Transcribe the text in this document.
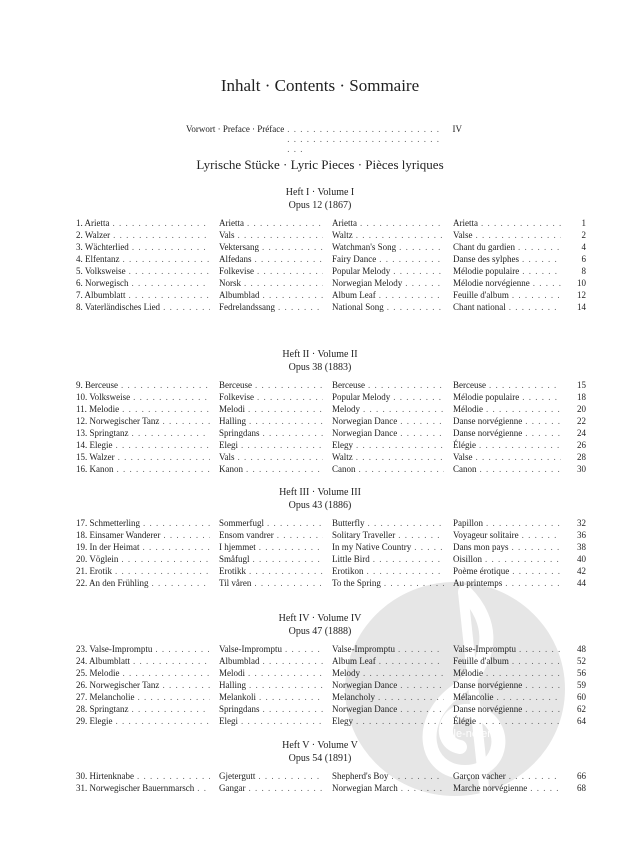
alle-noten
Inhalt · Contents · Sommaire
Vorwort · Preface · Préface . . .	IV
Lyrische Stücke · Lyric Pieces · Pièces lyriques
Heft I · Volume I
Opus 12 (1867)
1. Arietta . . .	Arietta . . .	Arietta . . .	Arietta . . .	1
2. Walzer . . .	Vals . . .	Waltz . . .	Valse . . .	2
3. Wächterlied . . .	Vektersang . . .	Watchman's Song . . .	Chant du gardien . . .	4
4. Elfentanz . . .	Alfedans . . .	Fairy Dance . . .	Danse des sylphes . . .	6
5. Volksweise . . .	Folkevise . . .	Popular Melody . . .	Mélodie populaire . . .	8
6. Norwegisch . . .	Norsk . . .	Norwegian Melody . . .	Mélodie norvégienne . . .	10
7. Albumblatt . . .	Albumblad . . .	Album Leaf . . .	Feuille d'album . . .	12
8. Vaterländisches Lied . . .	Fedrelandssang . . .	National Song . . .	Chant national . . .	14
Heft II · Volume II
Opus 38 (1883)
9. Berceuse . . .	Berceuse . . .	Berceuse . . .	Berceuse . . .	15
10. Volksweise . . .	Folkevise . . .	Popular Melody . . .	Mélodie populaire . . .	18
11. Melodie . . .	Melodi . . .	Melody . . .	Mélodie . . .	20
12. Norwegischer Tanz . . .	Halling . . .	Norwegian Dance . . .	Danse norvégienne . . .	22
13. Springtanz . . .	Springdans . . .	Norwegian Dance . . .	Danse norvégienne . . .	24
14. Elegie . . .	Elegi . . .	Elegy . . .	Élégie . . .	26
15. Walzer . . .	Vals . . .	Waltz . . .	Valse . . .	28
16. Kanon . . .	Kanon . . .	Canon . . .	Canon . . .	30
Heft III · Volume III
Opus 43 (1886)
17. Schmetterling . . .	Sommerfugl . . .	Butterfly . . .	Papillon . . .	32
18. Einsamer Wanderer . . .	Ensom vandrer . . .	Solitary Traveller . . .	Voyageur solitaire . . .	36
19. In der Heimat . . .	I hjemmet . . .	In my Native Country . . .	Dans mon pays . . .	38
20. Vöglein . . .	Småfugl . . .	Little Bird . . .	Oisillon . . .	40
21. Erotik . . .	Erotikk . . .	Erotikon . . .	Poème érotique . . .	42
22. An den Frühling . . .	Til våren . . .	To the Spring . . .	Au printemps . . .	44
Heft IV · Volume IV
Opus 47 (1888)
23. Valse-Impromptu . . .	Valse-Impromptu . . .	Valse-Impromptu . . .	Valse-Impromptu . . .	48
24. Albumblatt . . .	Albumblad . . .	Album Leaf . . .	Feuille d'album . . .	52
25. Melodie . . .	Melodi . . .	Melody . . .	Mélodie . . .	56
26. Norwegischer Tanz . . .	Halling . . .	Norwegian Dance . . .	Danse norvégienne . . .	59
27. Melancholie . . .	Melankoli . . .	Melancholy . . .	Mélancolie . . .	60
28. Springtanz . . .	Springdans . . .	Norwegian Dance . . .	Danse norvégienne . . .	62
29. Elegie . . .	Elegi . . .	Elegy . . .	Élégie . . .	64
Heft V · Volume V
Opus 54 (1891)
30. Hirtenknabe . . .	Gjetergutt . . .	Shepherd's Boy . . .	Garçon vacher . . .	66
31. Norwegischer Bauernmarsch . . .	Gangar . . .	Norwegian March . . .	Marche norvégienne . . .	68
